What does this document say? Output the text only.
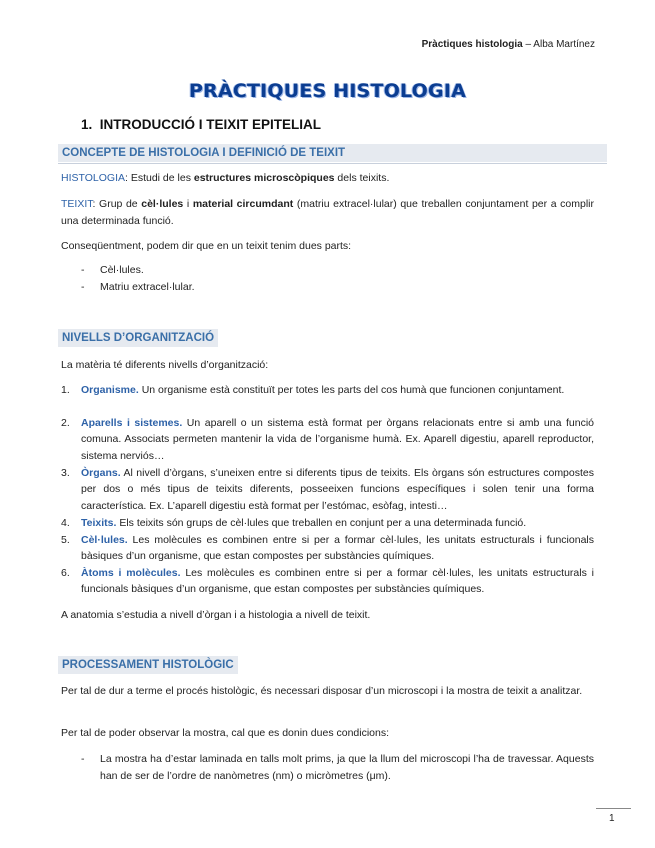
Pràctiques histologia – Alba Martínez
PRÀCTIQUES HISTOLOGIA
1. INTRODUCCIÓ I TEIXIT EPITELIAL
CONCEPTE DE HISTOLOGIA I DEFINICIÓ DE TEIXIT
HISTOLOGIA: Estudi de les estructures microscòpiques dels teixits.
TEIXIT: Grup de cèl·lules i material circumdant (matriu extracel·lular) que treballen conjuntament per a complir una determinada funció.
Conseqüentment, podem dir que en un teixit tenim dues parts:
- Cèl·lules.
- Matriu extracel·lular.
NIVELLS D’ORGANITZACIÓ
La matèria té diferents nivells d’organització:
1. Organisme. Un organisme està constituït per totes les parts del cos humà que funcionen conjuntament.
2. Aparells i sistemes. Un aparell o un sistema està format per òrgans relacionats entre si amb una funció comuna. Associats permeten mantenir la vida de l’organisme humà. Ex. Aparell digestiu, aparell reproductor, sistema nerviós…
3. Òrgans. Al nivell d’òrgans, s’uneixen entre si diferents tipus de teixits. Els òrgans són estructures compostes per dos o més tipus de teixits diferents, posseeixen funcions específiques i solen tenir una forma característica. Ex. L’aparell digestiu està format per l’estómac, esòfag, intesti…
4. Teixits. Els teixits són grups de cèl·lules que treballen en conjunt per a una determinada funció.
5. Cèl·lules. Les molècules es combinen entre si per a formar cèl·lules, les unitats estructurals i funcionals bàsiques d’un organisme, que estan compostes per substàncies químiques.
6. Àtoms i molècules. Les molècules es combinen entre si per a formar cèl·lules, les unitats estructurals i funcionals bàsiques d’un organisme, que estan compostes per substàncies químiques.
A anatomia s’estudia a nivell d’òrgan i a histologia a nivell de teixit.
PROCESSAMENT HISTOLÒGIC
Per tal de dur a terme el procés histològic, és necessari disposar d’un microscopi i la mostra de teixit a analitzar.
Per tal de poder observar la mostra, cal que es donin dues condicions:
- La mostra ha d’estar laminada en talls molt prims, ja que la llum del microscopi l’ha de travessar. Aquests han de ser de l’ordre de nanòmetres (nm) o micròmetres (μm).
1
